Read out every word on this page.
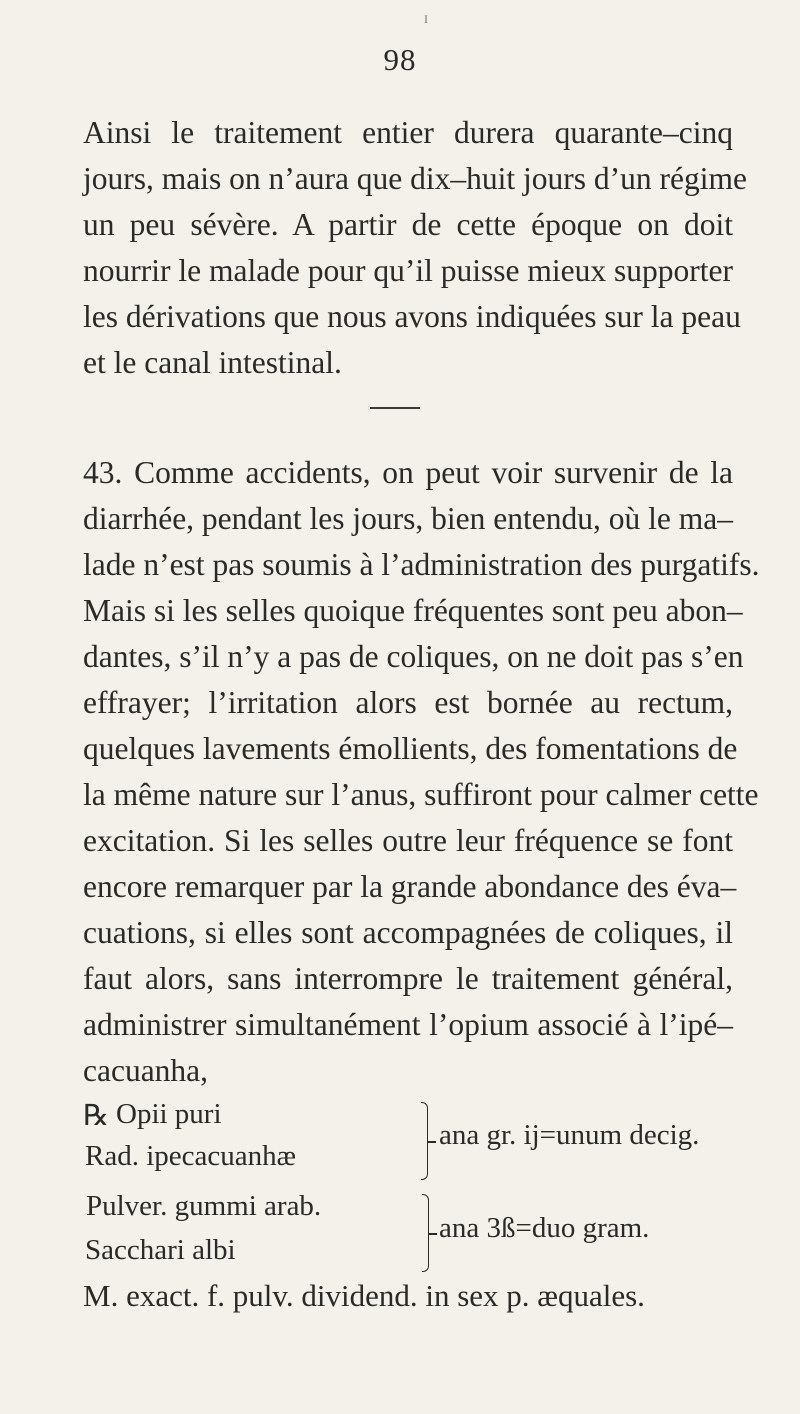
I
98
Ainsi le traitement entier durera quarante–cinq
jours, mais on n’aura que dix–huit jours d’un régime
un peu sévère. A partir de cette époque on doit
nourrir le malade pour qu’il puisse mieux supporter
les dérivations que nous avons indiquées sur la peau
et le canal intestinal.
43. Comme accidents, on peut voir survenir de la
diarrhée, pendant les jours, bien entendu, où le ma–
lade n’est pas soumis à l’administration des purgatifs.
Mais si les selles quoique fréquentes sont peu abon–
dantes, s’il n’y a pas de coliques, on ne doit pas s’en
effrayer; l’irritation alors est bornée au rectum,
quelques lavements émollients, des fomentations de
la même nature sur l’anus, suffiront pour calmer cette
excitation. Si les selles outre leur fréquence se font
encore remarquer par la grande abondance des éva–
cuations, si elles sont accompagnées de coliques, il
faut alors, sans interrompre le traitement général,
administrer simultanément l’opium associé à l’ipé–
cacuanha,
℞ Opii puri
Rad. ipecacuanhæ
ana gr. ij=unum decig.
Pulver. gummi arab.
Sacchari albi
ana 3ß=duo gram.
M. exact. f. pulv. dividend. in sex p. æquales.
